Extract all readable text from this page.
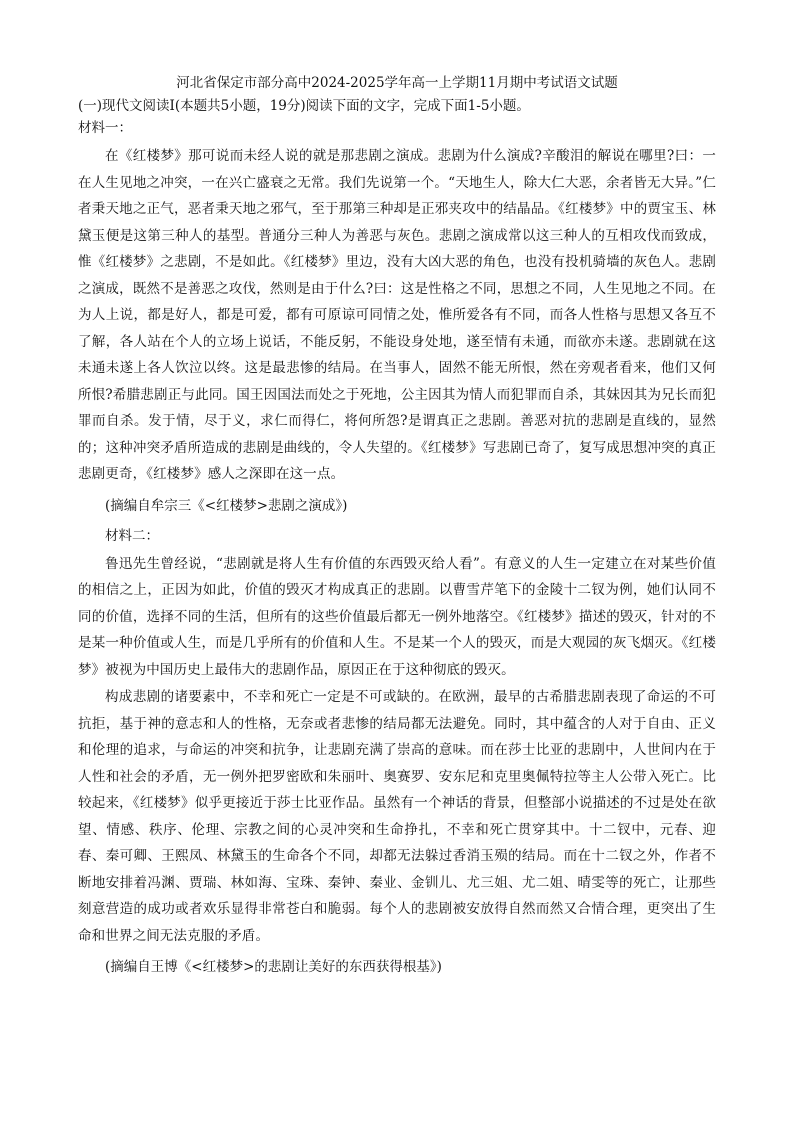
河北省保定市部分高中2024-2025学年高一上学期11月期中考试语文试题
(一)现代文阅读Ⅰ(本题共5小题，19分)阅读下面的文字，完成下面1-5小题。
材料一：

在《红楼梦》那可说而未经人说的就是那悲剧之演成。悲剧为什么演成?辛酸泪的解说在哪里?曰：一在人生见地之冲突，一在兴亡盛衰之无常。我们先说第一个。“天地生人，除大仁大恶，余者皆无大异。”仁者秉天地之正气，恶者秉天地之邪气，至于那第三种却是正邪夹攻中的结晶品。《红楼梦》中的贾宝玉、林黛玉便是这第三种人的基型。普通分三种人为善恶与灰色。悲剧之演成常以这三种人的互相攻伐而致成，惟《红楼梦》之悲剧，不是如此。《红楼梦》里边，没有大凶大恶的角色，也没有投机骑墙的灰色人。悲剧之演成，既然不是善恶之攻伐，然则是由于什么?曰：这是性格之不同，思想之不同，人生见地之不同。在为人上说，都是好人，都是可爱，都有可原谅可同情之处，惟所爱各有不同，而各人性格与思想又各互不了解，各人站在个人的立场上说话，不能反躬，不能设身处地，遂至情有未通，而欲亦未遂。悲剧就在这未通未遂上各人饮泣以终。这是最悲惨的结局。在当事人，固然不能无所恨，然在旁观者看来，他们又何所恨?希腊悲剧正与此同。国王因国法而处之于死地，公主因其为情人而犯罪而自杀，其妹因其为兄长而犯罪而自杀。发于情，尽于义，求仁而得仁，将何所怨?是谓真正之悲剧。善恶对抗的悲剧是直线的，显然的；这种冲突矛盾所造成的悲剧是曲线的，令人失望的。《红楼梦》写悲剧已奇了，复写成思想冲突的真正悲剧更奇，《红楼梦》感人之深即在这一点。

(摘编自牟宗三《<红楼梦>悲剧之演成》)
材料二：

鲁迅先生曾经说，“悲剧就是将人生有价值的东西毁灭给人看”。有意义的人生一定建立在对某些价值的相信之上，正因为如此，价值的毁灭才构成真正的悲剧。以曹雪芹笔下的金陵十二钗为例，她们认同不同的价值，选择不同的生活，但所有的这些价值最后都无一例外地落空。《红楼梦》描述的毁灭，针对的不是某一种价值或人生，而是几乎所有的价值和人生。不是某一个人的毁灭，而是大观园的灰飞烟灭。《红楼梦》被视为中国历史上最伟大的悲剧作品，原因正在于这种彻底的毁灭。

构成悲剧的诸要素中，不幸和死亡一定是不可或缺的。在欧洲，最早的古希腊悲剧表现了命运的不可抗拒，基于神的意志和人的性格，无奈或者悲惨的结局都无法避免。同时，其中蕴含的人对于自由、正义和伦理的追求，与命运的冲突和抗争，让悲剧充满了崇高的意味。而在莎士比亚的悲剧中，人世间内在于人性和社会的矛盾，无一例外把罗密欧和朱丽叶、奥赛罗、安东尼和克里奥佩特拉等主人公带入死亡。比较起来，《红楼梦》似乎更接近于莎士比亚作品。虽然有一个神话的背景，但整部小说描述的不过是处在欲望、情感、秩序、伦理、宗教之间的心灵冲突和生命挣扎，不幸和死亡贯穿其中。十二钗中，元春、迎春、秦可卿、王熙凤、林黛玉的生命各个不同，却都无法躲过香消玉殒的结局。而在十二钗之外，作者不断地安排着冯渊、贾瑞、林如海、宝珠、秦钟、秦业、金钏儿、尤三姐、尤二姐、晴雯等的死亡，让那些刻意营造的成功或者欢乐显得非常苍白和脆弱。每个人的悲剧被安放得自然而然又合情合理，更突出了生命和世界之间无法克服的矛盾。

(摘编自王博《<红楼梦>的悲剧让美好的东西获得根基》)
